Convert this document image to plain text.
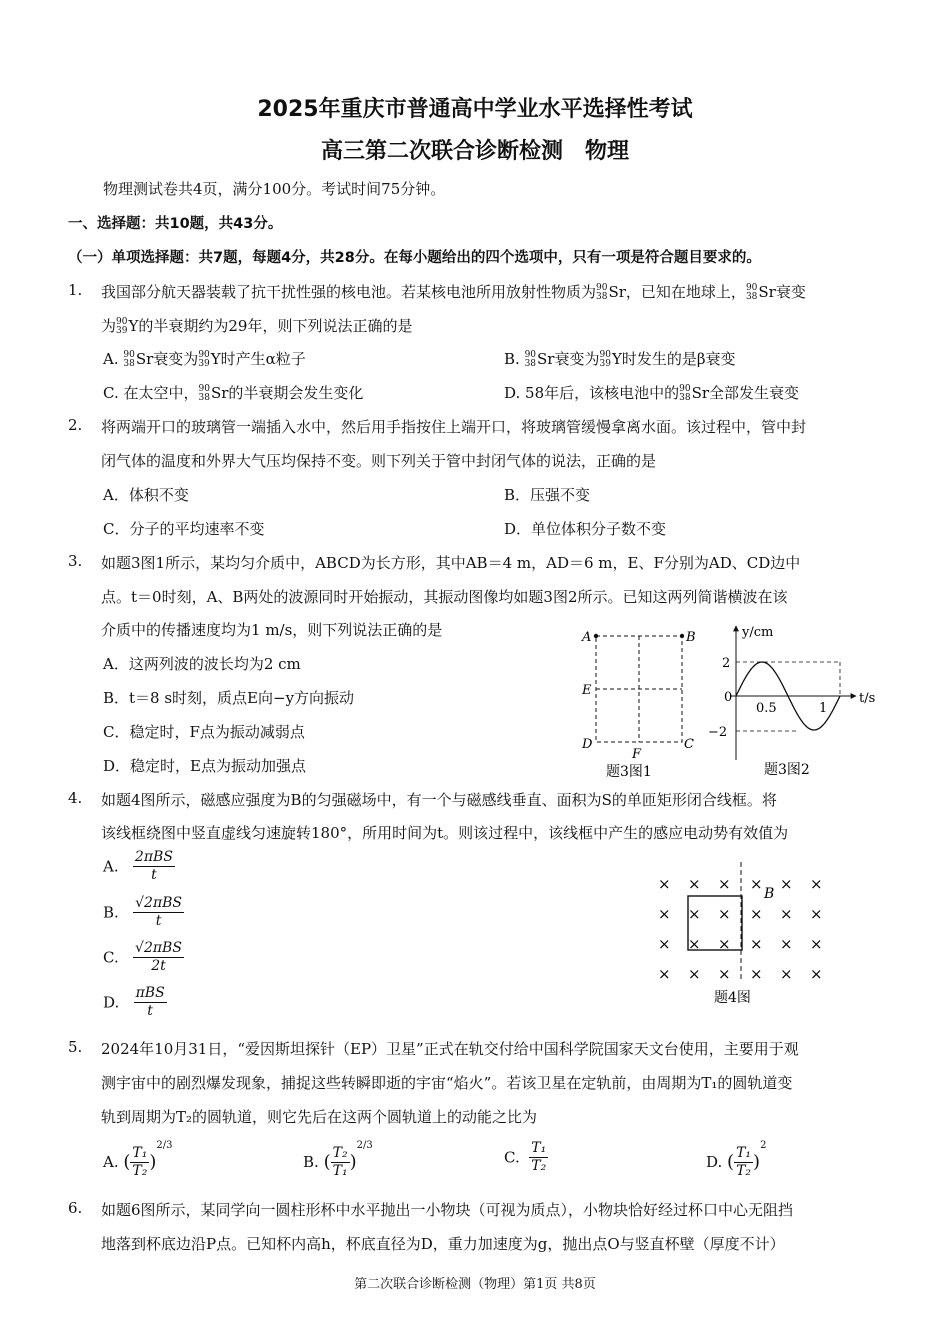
2025年重庆市普通高中学业水平选择性考试
高三第二次联合诊断检测　物理
物理测试卷共4页，满分100分。考试时间75分钟。
一、选择题：共10题，共43分。
（一）单项选择题：共7题，每题4分，共28分。在每小题给出的四个选项中，只有一项是符合题目要求的。
1.	我国部分航天器装载了抗干扰性强的核电池。若某核电池所用放射性物质为 90
38 Sr，已知在地球上， 90
38 Sr衰变
为 90
39 Y的半衰期约为29年，则下列说法正确的是
A. 90
38 Sr衰变为 90
39 Y时产生α粒子	B. 90
38 Sr衰变为 90
39 Y时发生的是β衰变
C. 在太空中， 90
38 Sr的半衰期会发生变化	D. 58年后，该核电池中的 90
38 Sr全部发生衰变
2.	将两端开口的玻璃管一端插入水中，然后用手指按住上端开口，将玻璃管缓慢拿离水面。该过程中，管中封
闭气体的温度和外界大气压均保持不变。则下列关于管中封闭气体的说法，正确的是
A．体积不变	B．压强不变
C．分子的平均速率不变	D．单位体积分子数不变
3.	如题3图1所示，某均匀介质中，ABCD为长方形，其中AB＝4 m，AD＝6 m，E、F分别为AD、CD边中
点。t＝0时刻，A、B两处的波源同时开始振动，其振动图像均如题3图2所示。已知这两列简谐横波在该
介质中的传播速度均为1 m/s，则下列说法正确的是
A．这两列波的波长均为2 cm
B．t＝8 s时刻，质点E向−y方向振动
C．稳定时，F点为振动减弱点
D．稳定时，E点为振动加强点
A	B
E
D	C
F
题3图1
y/cm
t/s
2
0
−2
0.5	1
题3图2
4.	如题4图所示，磁感应强度为B的匀强磁场中，有一个与磁感线垂直、面积为S的单匝矩形闭合线框。将
该线框绕图中竖直虚线匀速旋转180°，所用时间为t。则该过程中，该线框中产生的感应电动势有效值为
A. $\frac{\text{2πBS}}{t}$
B. $\frac{\text{√2πBS}}{t}$
C. $\frac{\text{√2πBS}}{2t}$
D. $\frac{\text{πBS}}{t}$
× × × × × ×
× × × × × ×
× × × × × ×
× × × × × ×
B
题4图
5.	2024年10月31日，“爱因斯坦探针（EP）卫星”正式在轨交付给中国科学院国家天文台使用，主要用于观
测宇宙中的剧烈爆发现象，捕捉这些转瞬即逝的宇宙“焰火”。若该卫星在定轨前，由周期为T₁的圆轨道变
轨到周期为T₂的圆轨道，则它先后在这两个圆轨道上的动能之比为
A. ( $\frac{\text{T₁}}{\text{T₂}} )^{2/3}$
B. ( $\frac{\text{T₂}}{\text{T₁}} )^{2/3}$
C. $\frac{\text{T₁}}{\text{T₂}}$	D. ( $\frac{\text{T₁}}{\text{T₂}} )^2$
6.	如题6图所示，某同学向一圆柱形杯中水平抛出一小物块（可视为质点），小物块恰好经过杯口中心无阻挡
地落到杯底边沿P点。已知杯内高h，杯底直径为D，重力加速度为g，抛出点O与竖直杯壁（厚度不计）
第二次联合诊断检测（物理）第1页 共8页
